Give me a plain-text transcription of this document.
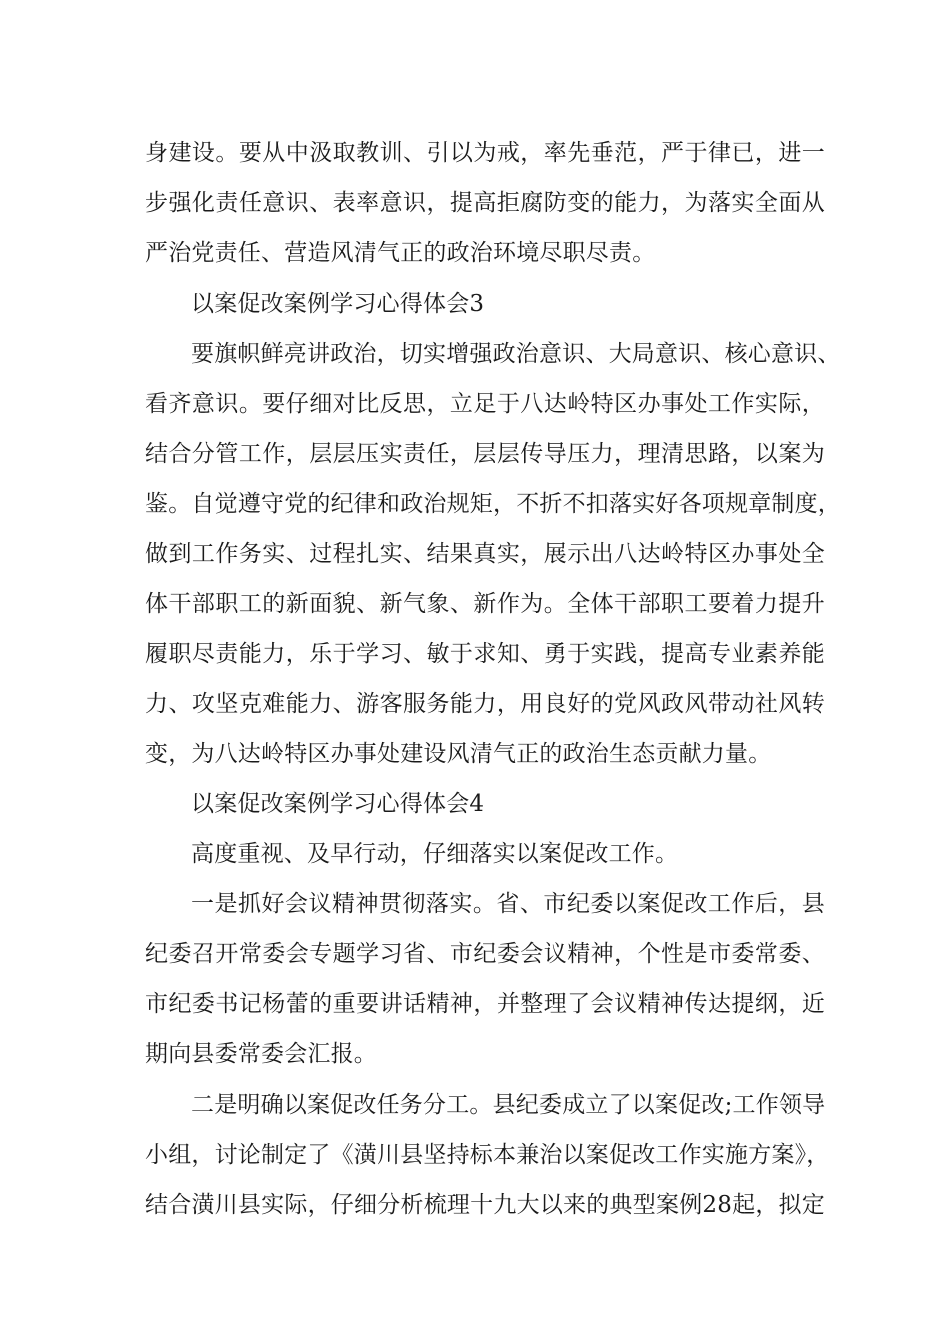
身建设。要从中汲取教训、引以为戒，率先垂范，严于律已，进一

步强化责任意识、表率意识，提高拒腐防变的能力，为落实全面从

严治党责任、营造风清气正的政治环境尽职尽责。

以案促改案例学习心得体会3

要旗帜鲜亮讲政治，切实增强政治意识、大局意识、核心意识、

看齐意识。要仔细对比反思，立足于八达岭特区办事处工作实际，

结合分管工作，层层压实责任，层层传导压力，理清思路，以案为

鉴。自觉遵守党的纪律和政治规矩，不折不扣落实好各项规章制度，

做到工作务实、过程扎实、结果真实，展示出八达岭特区办事处全

体干部职工的新面貌、新气象、新作为。全体干部职工要着力提升

履职尽责能力，乐于学习、敏于求知、勇于实践，提高专业素养能

力、攻坚克难能力、游客服务能力，用良好的党风政风带动社风转

变，为八达岭特区办事处建设风清气正的政治生态贡献力量。

以案促改案例学习心得体会4

高度重视、及早行动，仔细落实以案促改工作。

一是抓好会议精神贯彻落实。省、市纪委以案促改工作后，县

纪委召开常委会专题学习省、市纪委会议精神，个性是市委常委、

市纪委书记杨蕾的重要讲话精神，并整理了会议精神传达提纲，近

期向县委常委会汇报。

二是明确以案促改任务分工。县纪委成立了以案促改;工作领导

小组，讨论制定了《潢川县坚持标本兼治以案促改工作实施方案》，

结合潢川县实际，仔细分析梳理十九大以来的典型案例28起，拟定
